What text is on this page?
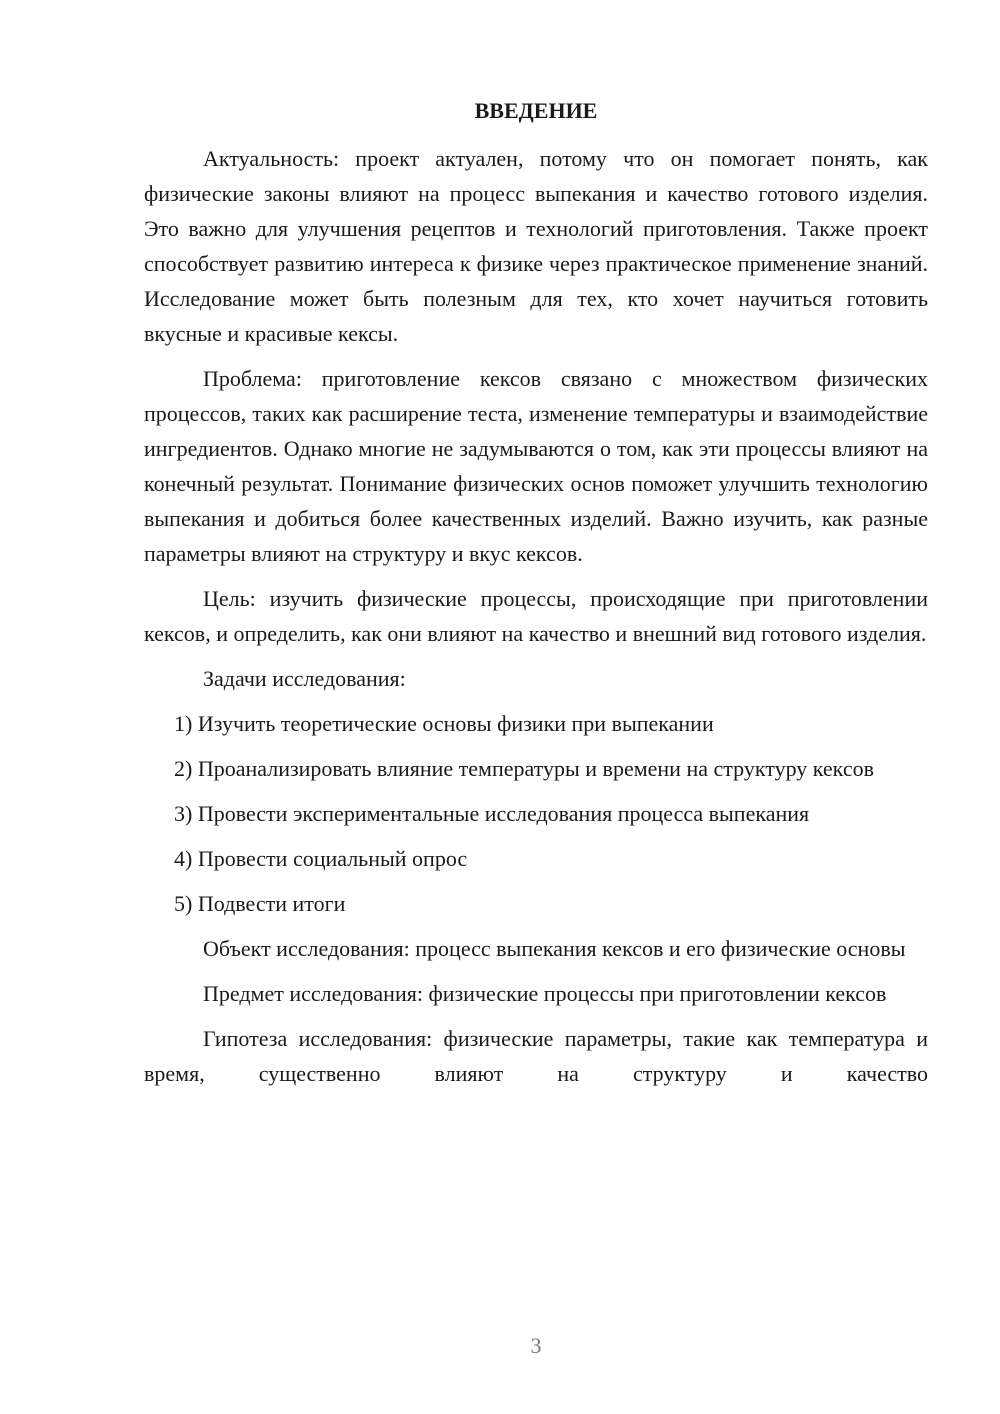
ВВЕДЕНИЕ

Актуальность: проект актуален, потому что он помогает понять, как физические законы влияют на процесс выпекания и качество готового изделия. Это важно для улучшения рецептов и технологий приготовления. Также проект способствует развитию интереса к физике через практическое применение знаний. Исследование может быть полезным для тех, кто хочет научиться готовить вкусные и красивые кексы.

Проблема: приготовление кексов связано с множеством физических процессов, таких как расширение теста, изменение температуры и взаимодействие ингредиентов. Однако многие не задумываются о том, как эти процессы влияют на конечный результат. Понимание физических основ поможет улучшить технологию выпекания и добиться более качественных изделий. Важно изучить, как разные параметры влияют на структуру и вкус кексов.

Цель: изучить физические процессы, происходящие при приготовлении кексов, и определить, как они влияют на качество и внешний вид готового изделия.

Задачи исследования:

1) Изучить теоретические основы физики при выпекании

2) Проанализировать влияние температуры и времени на структуру кексов

3) Провести экспериментальные исследования процесса выпекания

4) Провести социальный опрос

5) Подвести итоги

Объект исследования: процесс выпекания кексов и его физические основы

Предмет исследования: физические процессы при приготовлении кексов

Гипотеза исследования: физические параметры, такие как температура и время, существенно влияют на структуру и качество

3
